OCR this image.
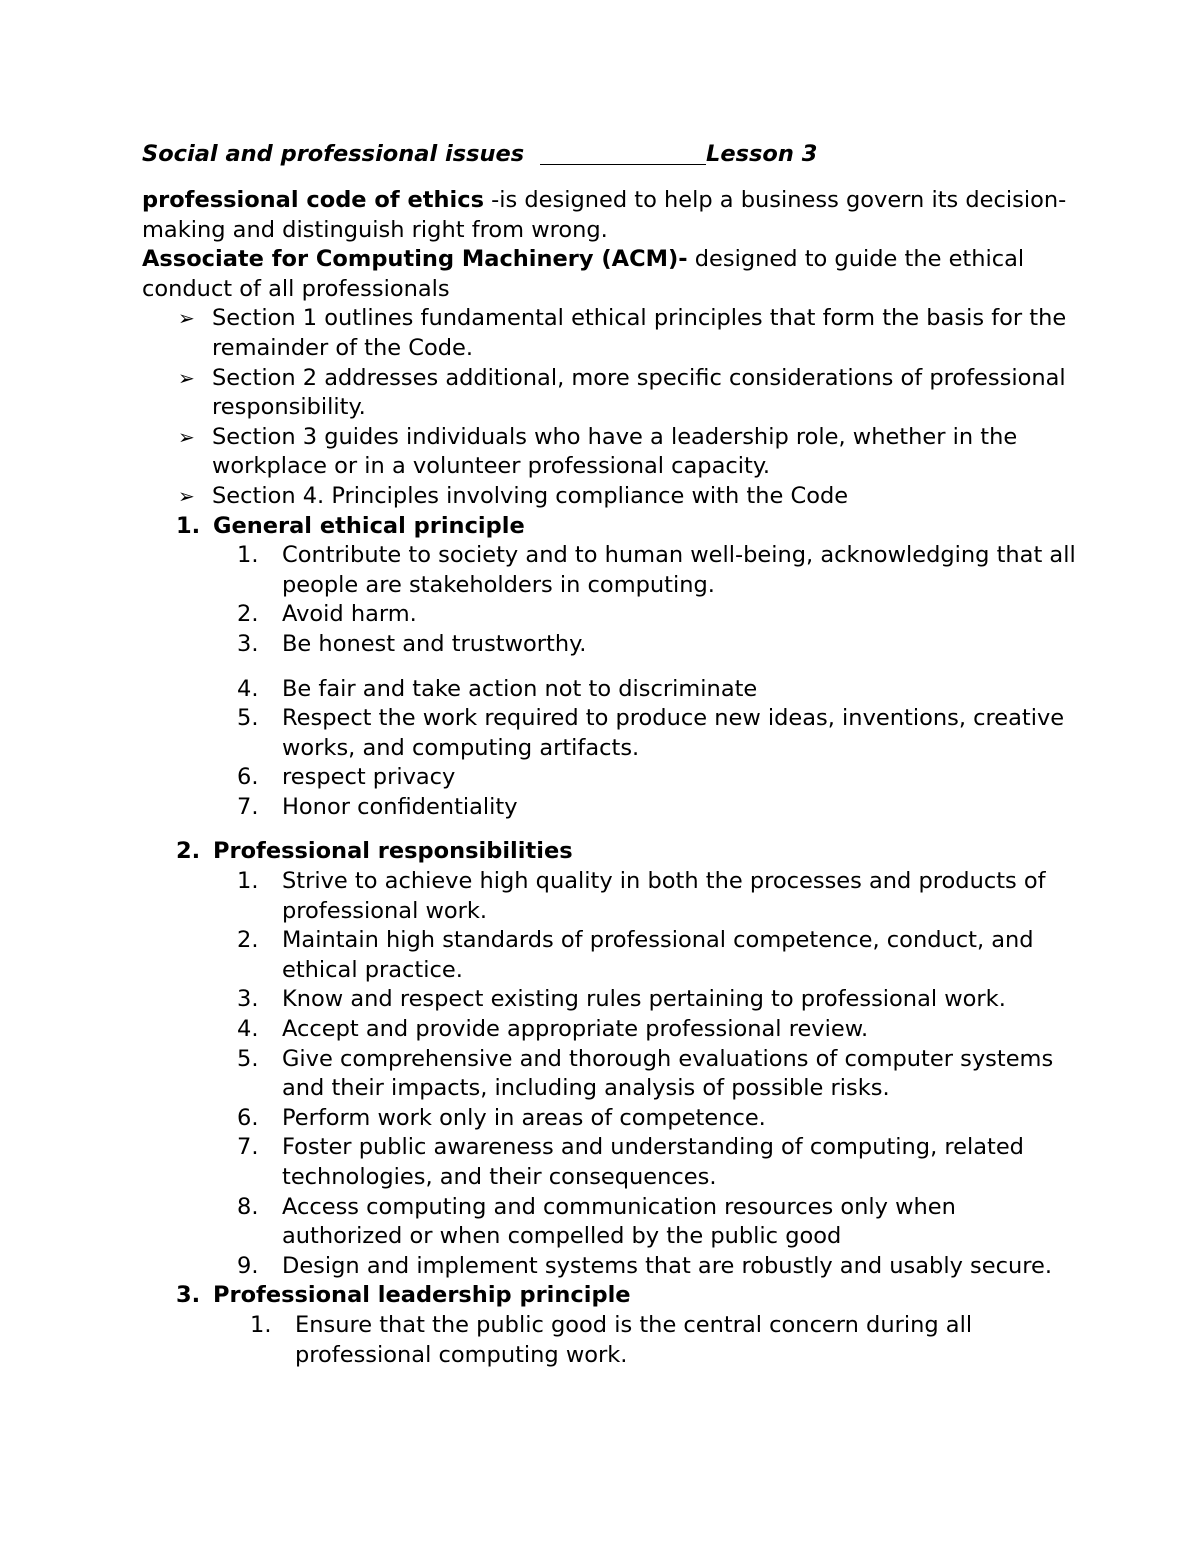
Social and professional issues	Lesson 3

professional code of ethics -is designed to help a business govern its decision-making and distinguish right from wrong.

Associate for Computing Machinery (ACM)- designed to guide the ethical conduct of all professionals

➢ Section 1 outlines fundamental ethical principles that form the basis for the remainder of the Code.
➢ Section 2 addresses additional, more specific considerations of professional responsibility.
➢ Section 3 guides individuals who have a leadership role, whether in the workplace or in a volunteer professional capacity.
➢ Section 4. Principles involving compliance with the Code
1. General ethical principle
1. Contribute to society and to human well-being, acknowledging that all people are stakeholders in computing.
2. Avoid harm.
3. Be honest and trustworthy.
4. Be fair and take action not to discriminate
5. Respect the work required to produce new ideas, inventions, creative works, and computing artifacts.
6. respect privacy
7. Honor confidentiality
2. Professional responsibilities
1. Strive to achieve high quality in both the processes and products of professional work.
2. Maintain high standards of professional competence, conduct, and ethical practice.
3. Know and respect existing rules pertaining to professional work.
4. Accept and provide appropriate professional review.
5. Give comprehensive and thorough evaluations of computer systems and their impacts, including analysis of possible risks.
6. Perform work only in areas of competence.
7. Foster public awareness and understanding of computing, related technologies, and their consequences.
8. Access computing and communication resources only when authorized or when compelled by the public good
9. Design and implement systems that are robustly and usably secure.
3. Professional leadership principle
1. Ensure that the public good is the central concern during all professional computing work.
